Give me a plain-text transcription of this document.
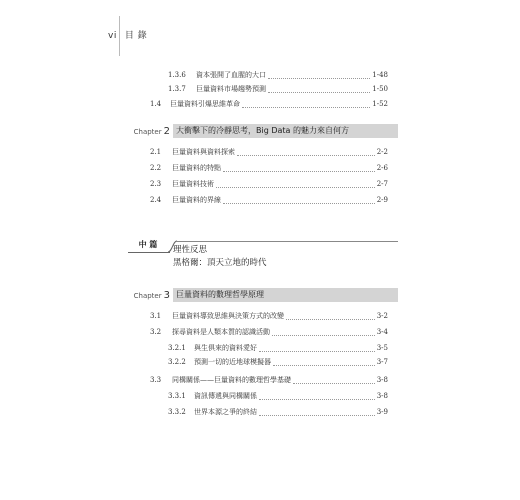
vi 目 錄
1.3.6	資本張開了血腥的大口	1-48
1.3.7	巨量資料市場趨勢預測	1-50
1.4	巨量資料引爆思維革命	1-52
Chapter 2 大衝擊下的冷靜思考，Big Data 的魅力來自何方
2.1	巨量資料與資料探索	2-2
2.2	巨量資料的特點	2-6
2.3	巨量資料技術	2-7
2.4	巨量資料的界線	2-9
中 篇
理性反思
黑格爾：頂天立地的時代
Chapter 3 巨量資料的數理哲學原理
3.1	巨量資料導致思維與決策方式的改變	3-2
3.2	探尋資料是人類本質的認識活動	3-4
3.2.1	與生俱來的資料愛好	3-5
3.2.2	預測一切的近地球模擬器	3-7
3.3	同構關係——巨量資料的數理哲學基礎	3-8
3.3.1	資訊傳遞與同構關係	3-8
3.3.2	世界本源之爭的終結	3-9
